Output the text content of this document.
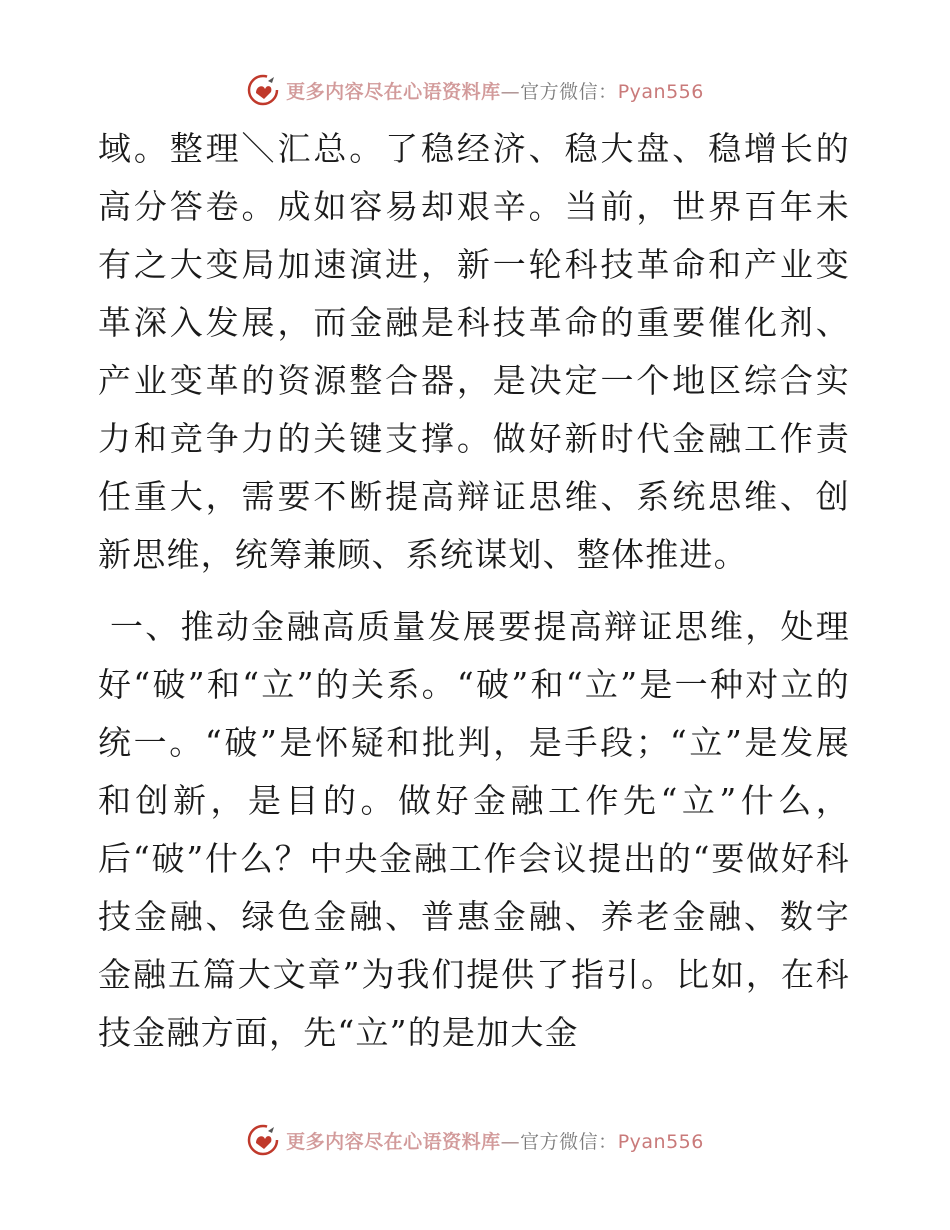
更多内容尽在心语资料库—官方微信：Pyan556

域。整理＼汇总。了稳经济、稳大盘、稳增长的高分答卷。成如容易却艰辛。当前，世界百年未有之大变局加速演进，新一轮科技革命和产业变革深入发展，而金融是科技革命的重要催化剂、产业变革的资源整合器，是决定一个地区综合实力和竞争力的关键支撑。做好新时代金融工作责任重大，需要不断提高辩证思维、系统思维、创新思维，统筹兼顾、系统谋划、整体推进。

一、推动金融高质量发展要提高辩证思维，处理好“破”和“立”的关系。“破”和“立”是一种对立的统一。“破”是怀疑和批判，是手段；“立”是发展和创新，是目的。做好金融工作先“立”什么，后“破”什么？中央金融工作会议提出的“要做好科技金融、绿色金融、普惠金融、养老金融、数字金融五篇大文章”为我们提供了指引。比如，在科技金融方面，先“立”的是加大金

更多内容尽在心语资料库—官方微信：Pyan556
